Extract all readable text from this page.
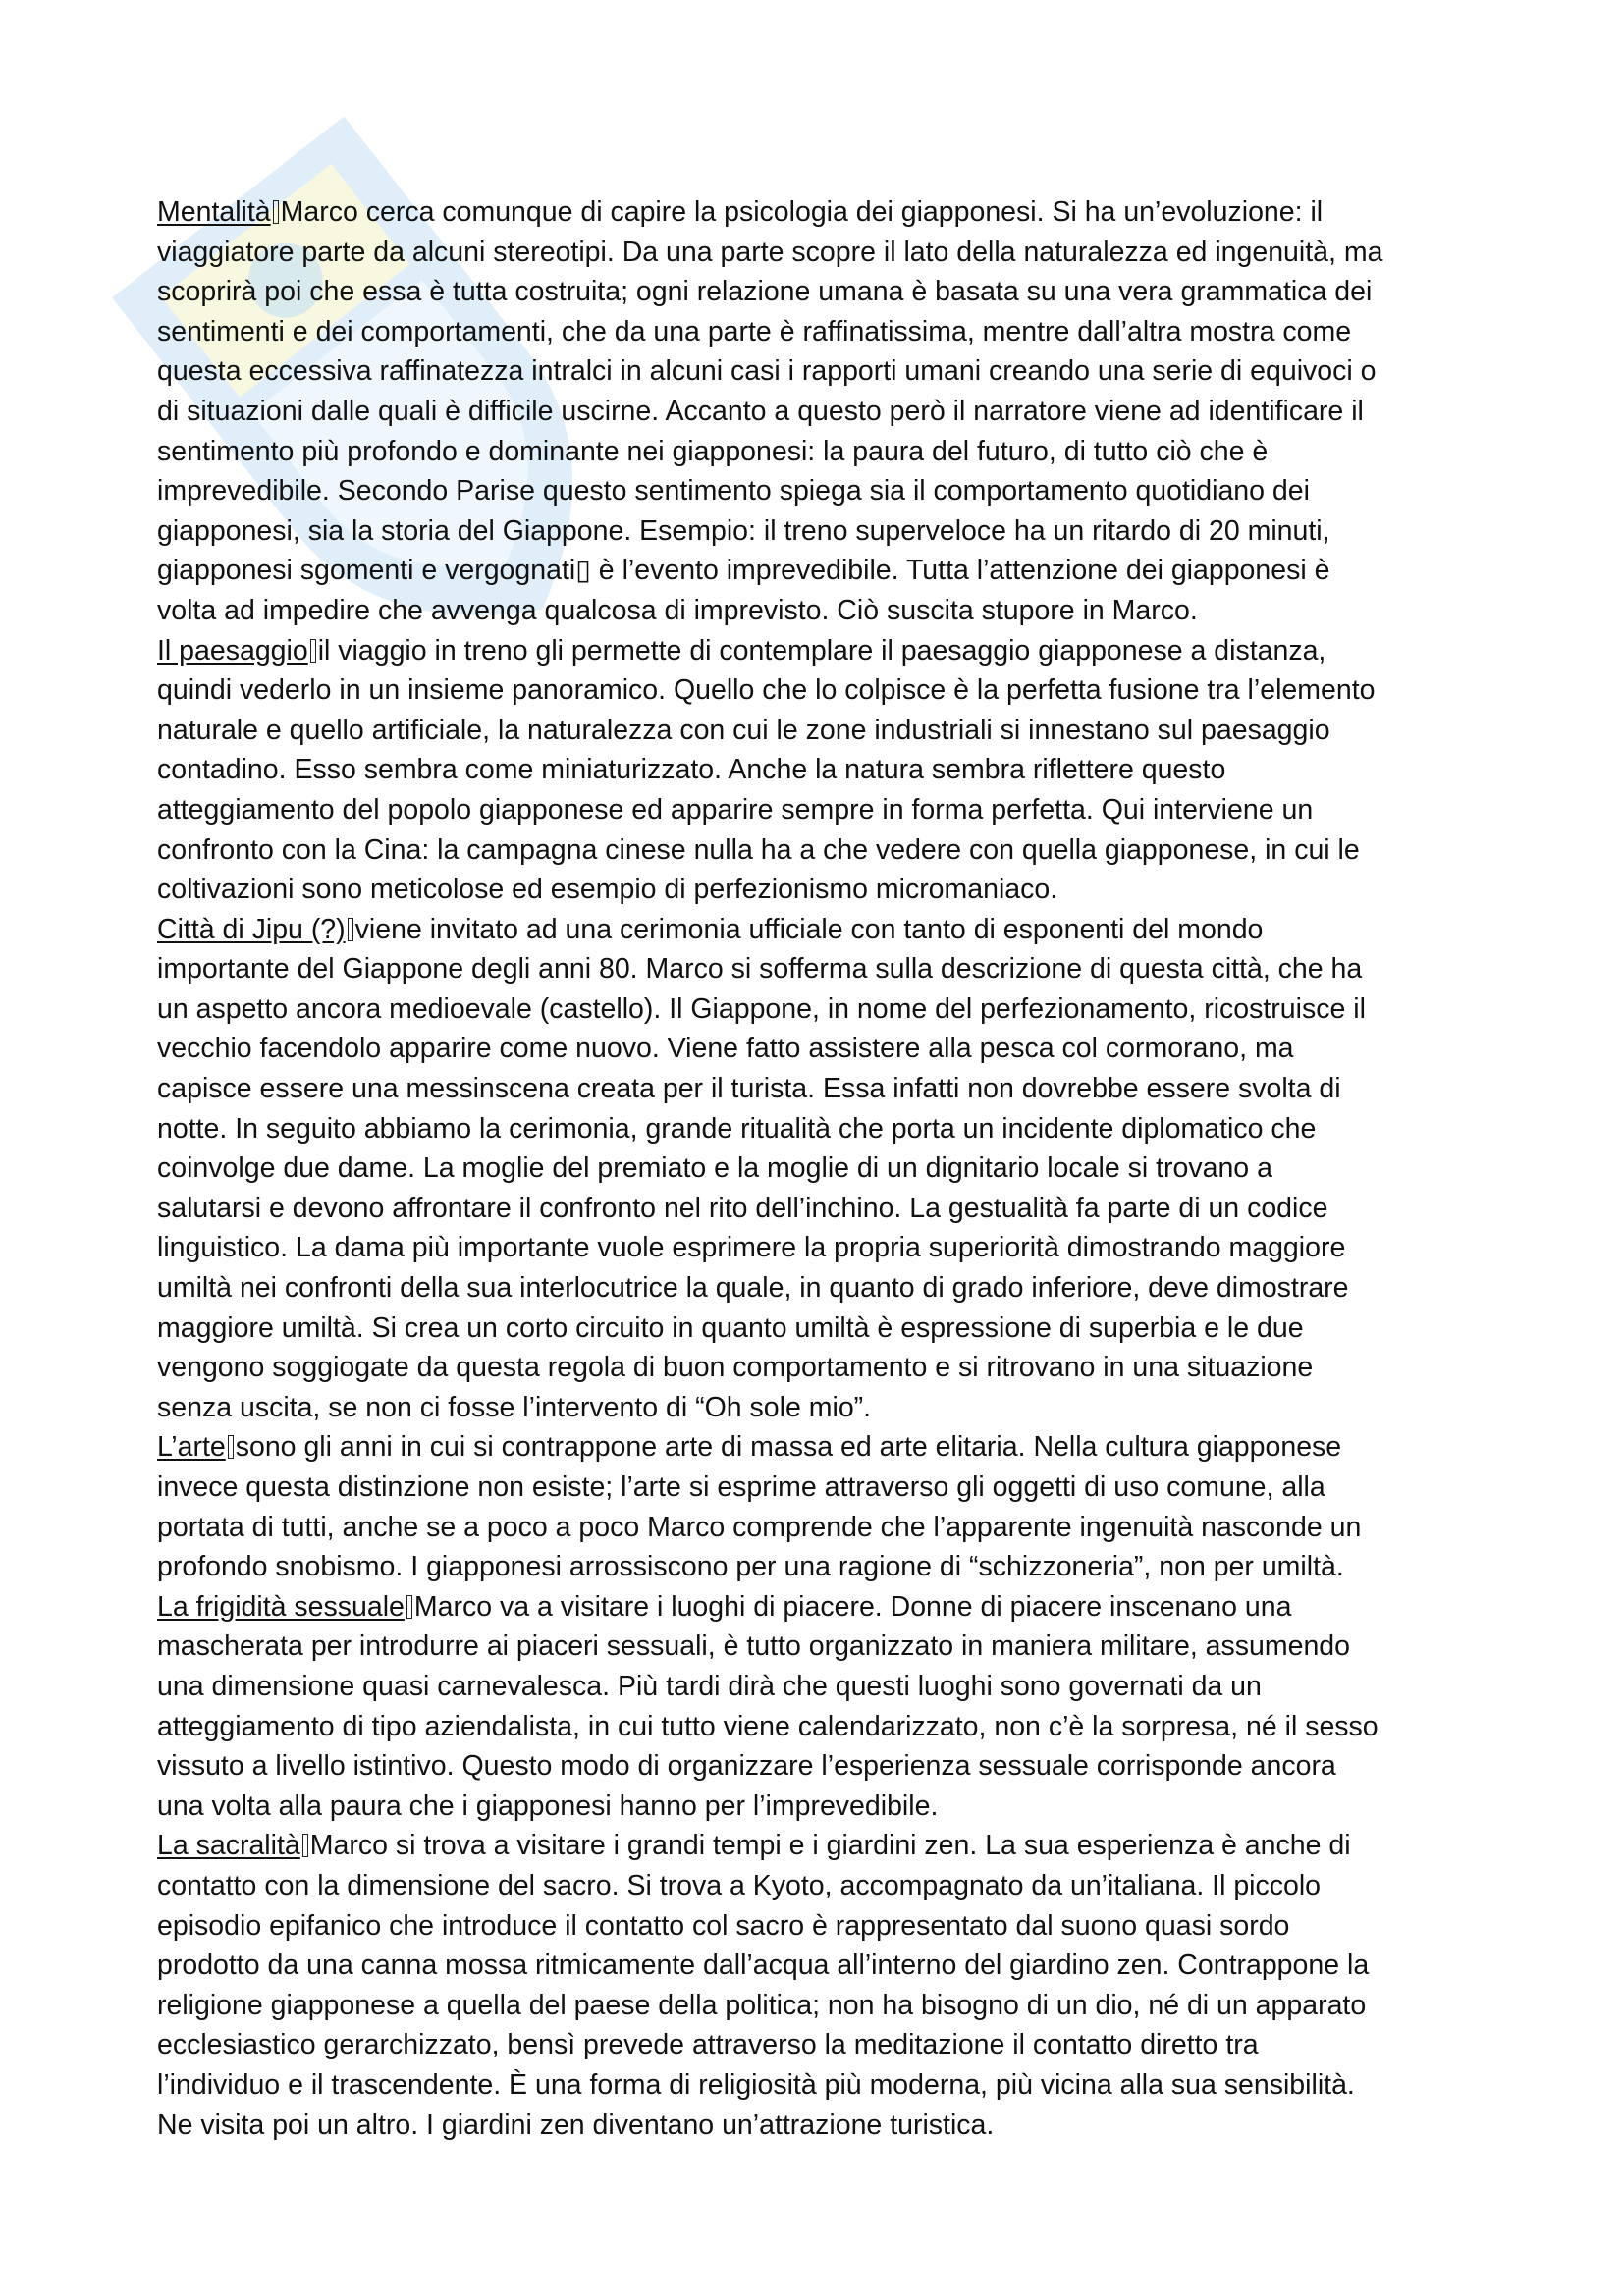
Mentalità Marco cerca comunque di capire la psicologia dei giapponesi. Si ha un’evoluzione: il
viaggiatore parte da alcuni stereotipi. Da una parte scopre il lato della naturalezza ed ingenuità, ma
scoprirà poi che essa è tutta costruita; ogni relazione umana è basata su una vera grammatica dei
sentimenti e dei comportamenti, che da una parte è raffinatissima, mentre dall’altra mostra come
questa eccessiva raffinatezza intralci in alcuni casi i rapporti umani creando una serie di equivoci o
di situazioni dalle quali è difficile uscirne. Accanto a questo però il narratore viene ad identificare il
sentimento più profondo e dominante nei giapponesi: la paura del futuro, di tutto ciò che è
imprevedibile. Secondo Parise questo sentimento spiega sia il comportamento quotidiano dei
giapponesi, sia la storia del Giappone. Esempio: il treno superveloce ha un ritardo di 20 minuti,
giapponesi sgomenti e vergognati▯ è l’evento imprevedibile. Tutta l’attenzione dei giapponesi è
volta ad impedire che avvenga qualcosa di imprevisto. Ciò suscita stupore in Marco.

Il paesaggio il viaggio in treno gli permette di contemplare il paesaggio giapponese a distanza,
quindi vederlo in un insieme panoramico. Quello che lo colpisce è la perfetta fusione tra l’elemento
naturale e quello artificiale, la naturalezza con cui le zone industriali si innestano sul paesaggio
contadino. Esso sembra come miniaturizzato. Anche la natura sembra riflettere questo
atteggiamento del popolo giapponese ed apparire sempre in forma perfetta. Qui interviene un
confronto con la Cina: la campagna cinese nulla ha a che vedere con quella giapponese, in cui le
coltivazioni sono meticolose ed esempio di perfezionismo micromaniaco.

Città di Jipu (?) viene invitato ad una cerimonia ufficiale con tanto di esponenti del mondo
importante del Giappone degli anni 80. Marco si sofferma sulla descrizione di questa città, che ha
un aspetto ancora medioevale (castello). Il Giappone, in nome del perfezionamento, ricostruisce il
vecchio facendolo apparire come nuovo. Viene fatto assistere alla pesca col cormorano, ma
capisce essere una messinscena creata per il turista. Essa infatti non dovrebbe essere svolta di
notte. In seguito abbiamo la cerimonia, grande ritualità che porta un incidente diplomatico che
coinvolge due dame. La moglie del premiato e la moglie di un dignitario locale si trovano a
salutarsi e devono affrontare il confronto nel rito dell’inchino. La gestualità fa parte di un codice
linguistico. La dama più importante vuole esprimere la propria superiorità dimostrando maggiore
umiltà nei confronti della sua interlocutrice la quale, in quanto di grado inferiore, deve dimostrare
maggiore umiltà. Si crea un corto circuito in quanto umiltà è espressione di superbia e le due
vengono soggiogate da questa regola di buon comportamento e si ritrovano in una situazione
senza uscita, se non ci fosse l’intervento di “Oh sole mio”.

L’arte sono gli anni in cui si contrappone arte di massa ed arte elitaria. Nella cultura giapponese
invece questa distinzione non esiste; l’arte si esprime attraverso gli oggetti di uso comune, alla
portata di tutti, anche se a poco a poco Marco comprende che l’apparente ingenuità nasconde un
profondo snobismo. I giapponesi arrossiscono per una ragione di “schizzoneria”, non per umiltà.

La frigidità sessuale Marco va a visitare i luoghi di piacere. Donne di piacere inscenano una
mascherata per introdurre ai piaceri sessuali, è tutto organizzato in maniera militare, assumendo
una dimensione quasi carnevalesca. Più tardi dirà che questi luoghi sono governati da un
atteggiamento di tipo aziendalista, in cui tutto viene calendarizzato, non c’è la sorpresa, né il sesso
vissuto a livello istintivo. Questo modo di organizzare l’esperienza sessuale corrisponde ancora
una volta alla paura che i giapponesi hanno per l’imprevedibile.

La sacralità Marco si trova a visitare i grandi tempi e i giardini zen. La sua esperienza è anche di
contatto con la dimensione del sacro. Si trova a Kyoto, accompagnato da un’italiana. Il piccolo
episodio epifanico che introduce il contatto col sacro è rappresentato dal suono quasi sordo
prodotto da una canna mossa ritmicamente dall’acqua all’interno del giardino zen. Contrappone la
religione giapponese a quella del paese della politica; non ha bisogno di un dio, né di un apparato
ecclesiastico gerarchizzato, bensì prevede attraverso la meditazione il contatto diretto tra
l’individuo e il trascendente. È una forma di religiosità più moderna, più vicina alla sua sensibilità.
Ne visita poi un altro. I giardini zen diventano un’attrazione turistica.
